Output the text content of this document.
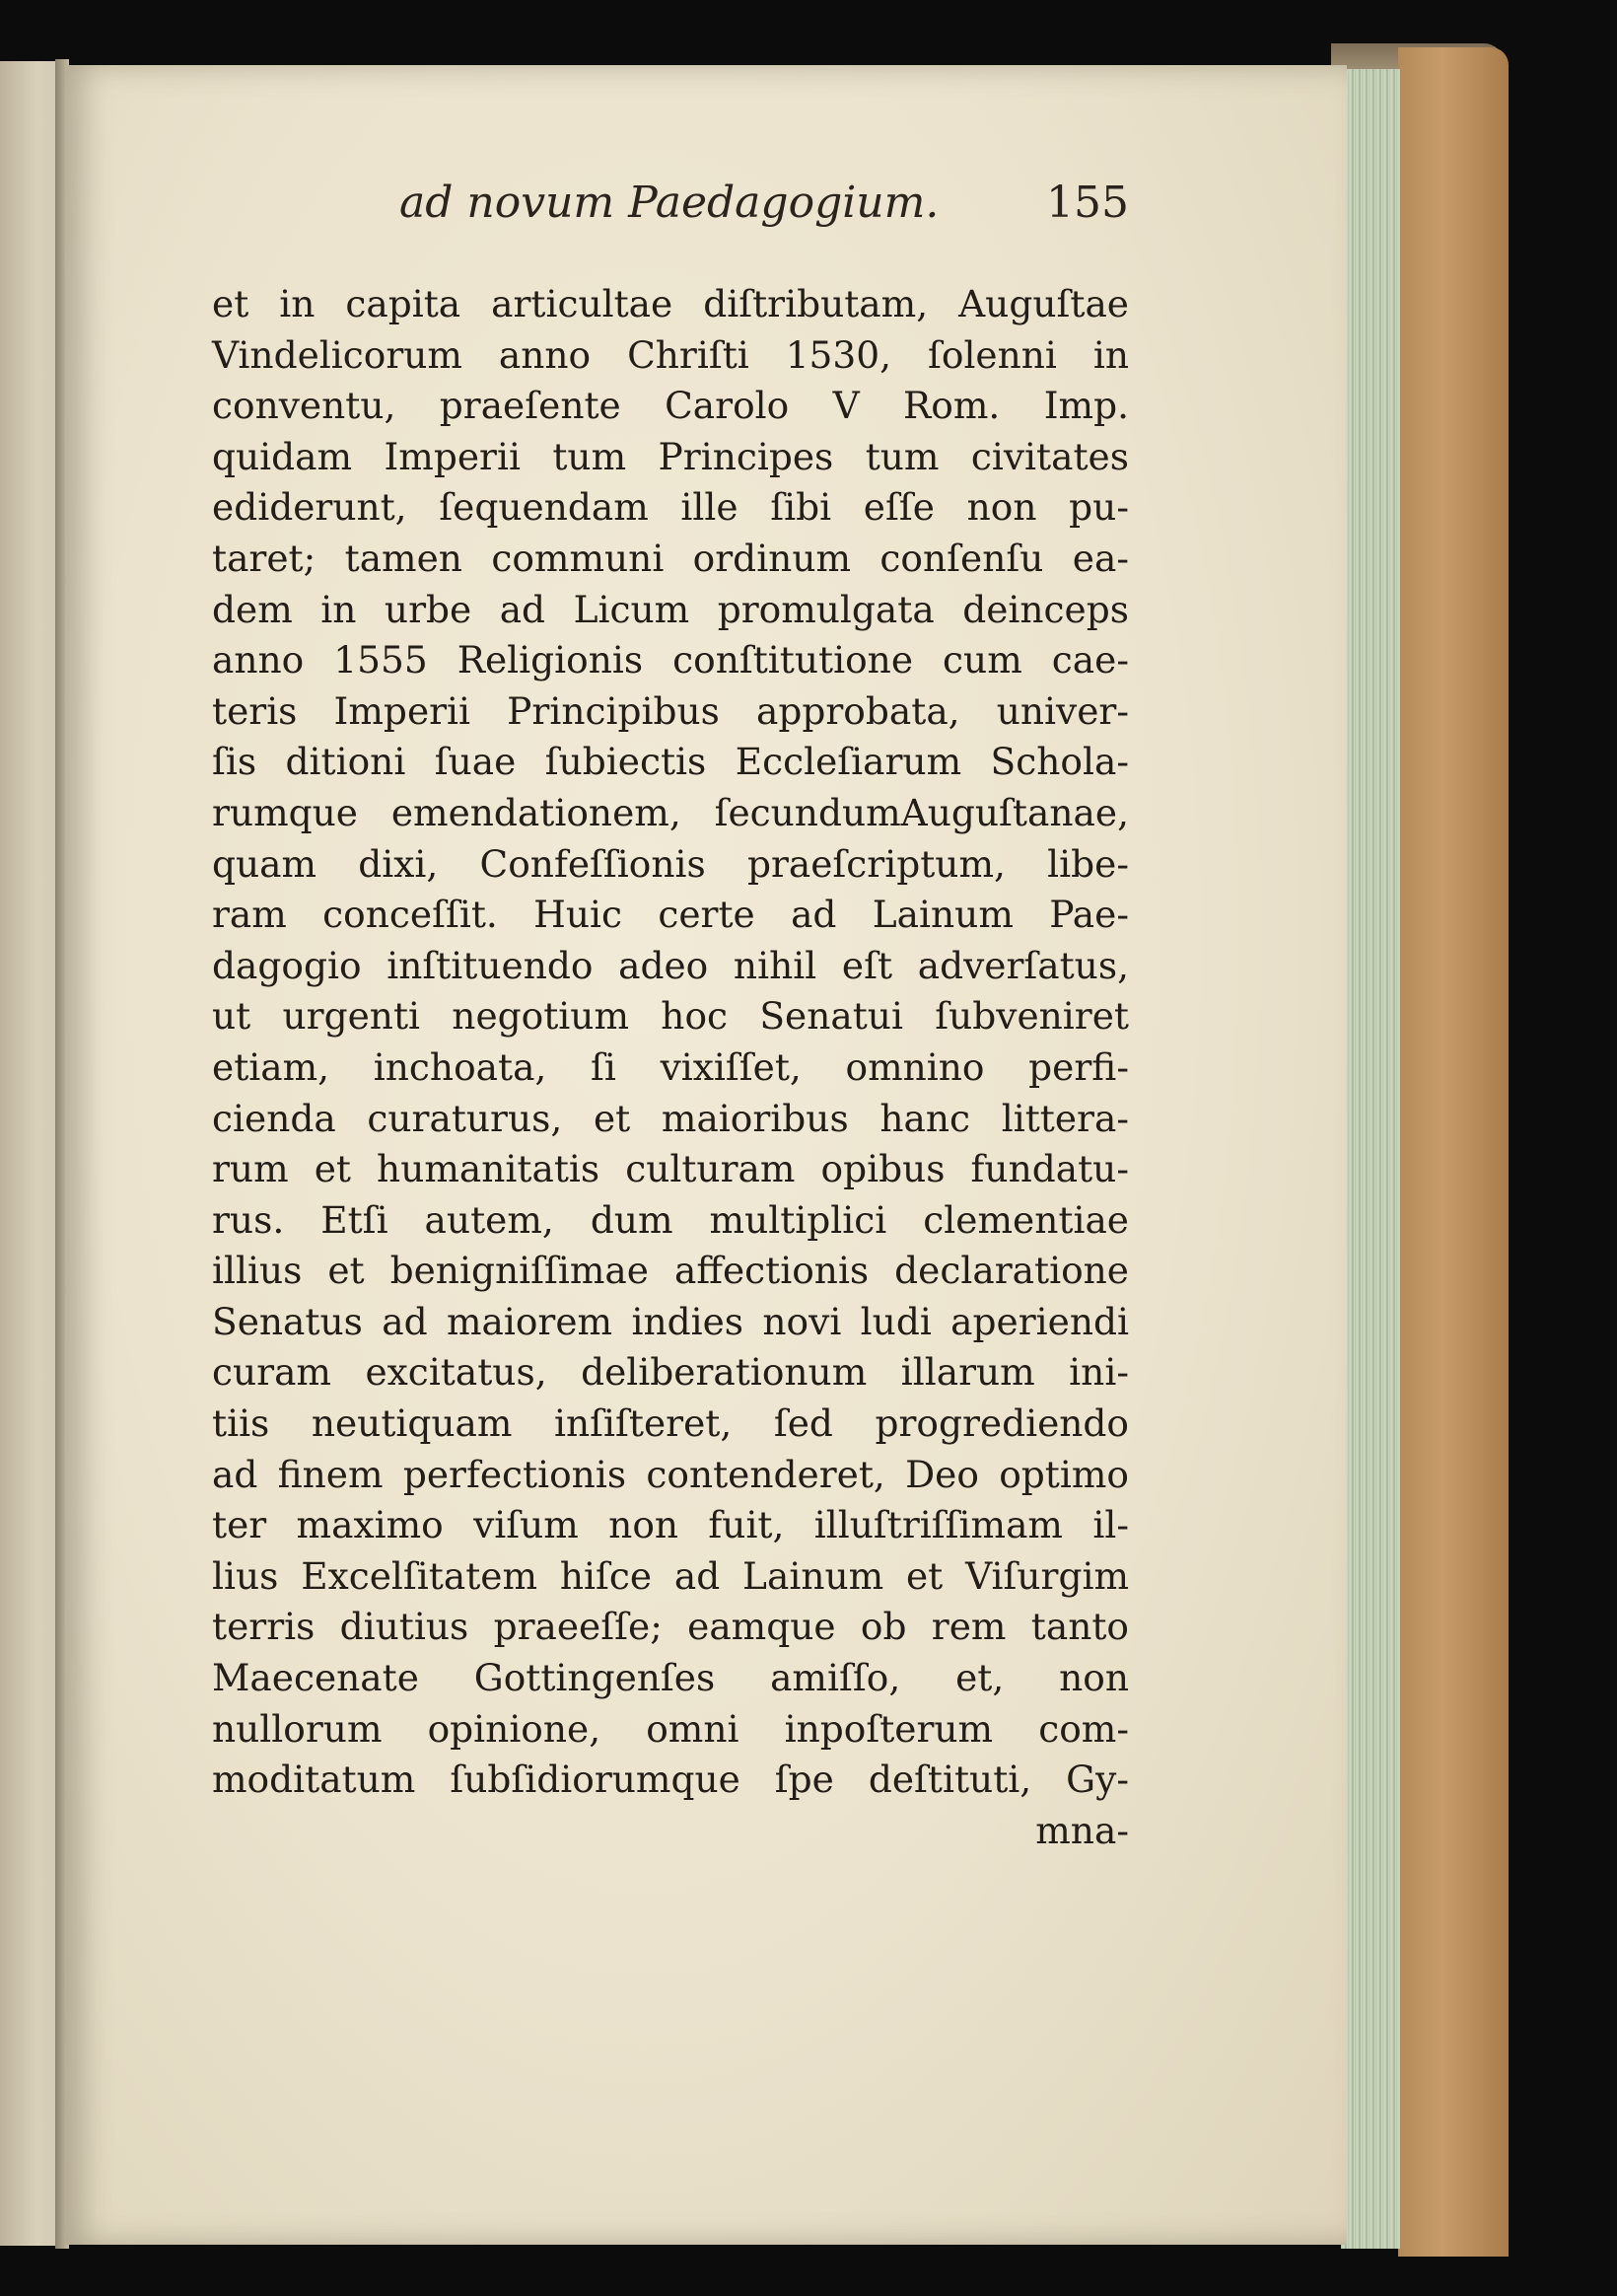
ad novum Paedagogium. 155
et in capita articultae diſtributam, Auguſtae
Vindelicorum anno Chriſti 1530, ſolenni in
conventu, praeſente Carolo V Rom. Imp.
quidam Imperii tum Principes tum civitates
ediderunt, ſequendam ille ſibi eſſe non pu-
taret; tamen communi ordinum conſenſu ea-
dem in urbe ad Licum promulgata deinceps
anno 1555 Religionis conſtitutione cum cae-
teris Imperii Principibus approbata, univer-
ſis ditioni ſuae ſubiectis Eccleſiarum Schola-
rumque emendationem, ſecundumAuguſtanae,
quam dixi, Confeſſionis praeſcriptum, libe-
ram conceſſit. Huic certe ad Lainum Pae-
dagogio inſtituendo adeo nihil eſt adverſatus,
ut urgenti negotium hoc Senatui ſubveniret
etiam, inchoata, ſi vixiſſet, omnino perfi-
cienda curaturus, et maioribus hanc littera-
rum et humanitatis culturam opibus fundatu-
rus. Etſi autem, dum multiplici clementiae
illius et benigniſſimae affectionis declaratione
Senatus ad maiorem indies novi ludi aperiendi
curam excitatus, deliberationum illarum ini-
tiis neutiquam inſiſteret, ſed progrediendo
ad finem perfectionis contenderet, Deo optimo
ter maximo viſum non fuit, illuſtriſſimam il-
lius Excelſitatem hiſce ad Lainum et Viſurgim
terris diutius praeeſſe; eamque ob rem tanto
Maecenate Gottingenſes amiſſo, et, non
nullorum opinione, omni inpoſterum com-
moditatum ſubſidiorumque ſpe deſtituti, Gy-
mna-
